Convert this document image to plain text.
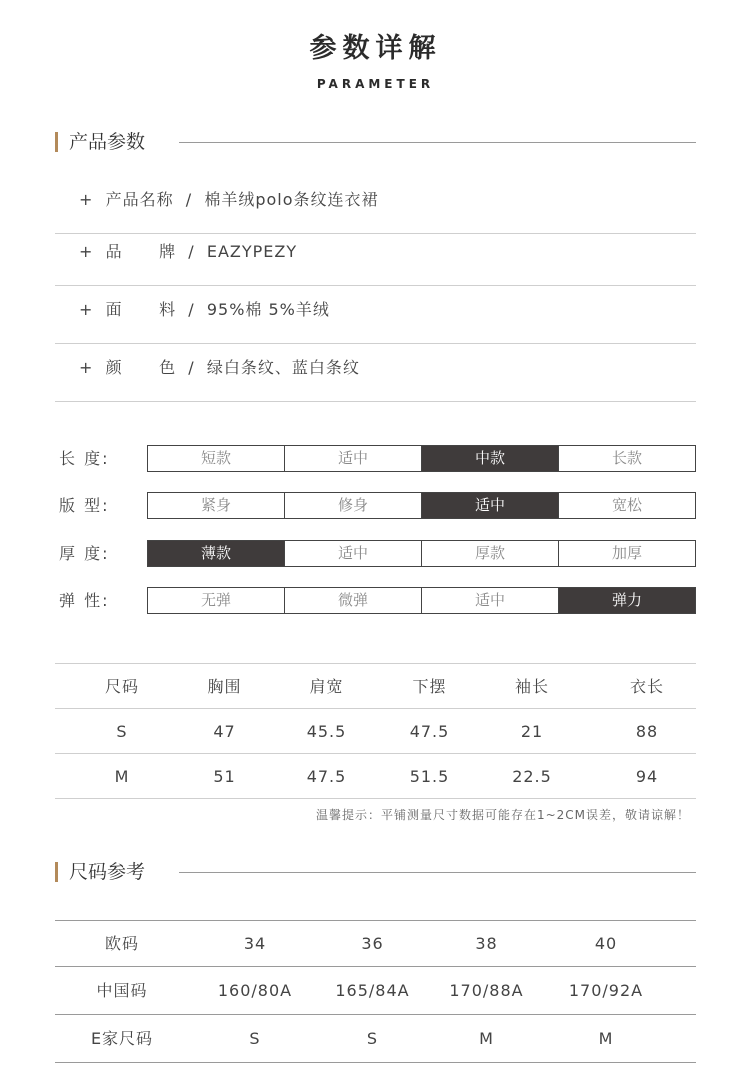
参数详解
PARAMETER
产品参数
+  产品名称  /  棉羊绒polo条纹连衣裙
+  品      牌  /  EAZYPEZY
+  面      料  /  95%棉 5%羊绒
+  颜      色  /  绿白条纹、蓝白条纹
长 度:	短款	适中	中款	长款
版 型:	紧身	修身	适中	宽松
厚 度:	薄款	适中	厚款	加厚
弹 性:	无弹	微弹	适中	弹力
尺码	胸围	肩宽	下摆	袖长	衣长
S	47	45.5	47.5	21	88
M	51	47.5	51.5	22.5	94
温馨提示：平铺测量尺寸数据可能存在1~2CM误差，敬请谅解！
尺码参考
欧码	34	36	38	40
中国码	160/80A	165/84A	170/88A	170/92A
E家尺码	S	S	M	M
